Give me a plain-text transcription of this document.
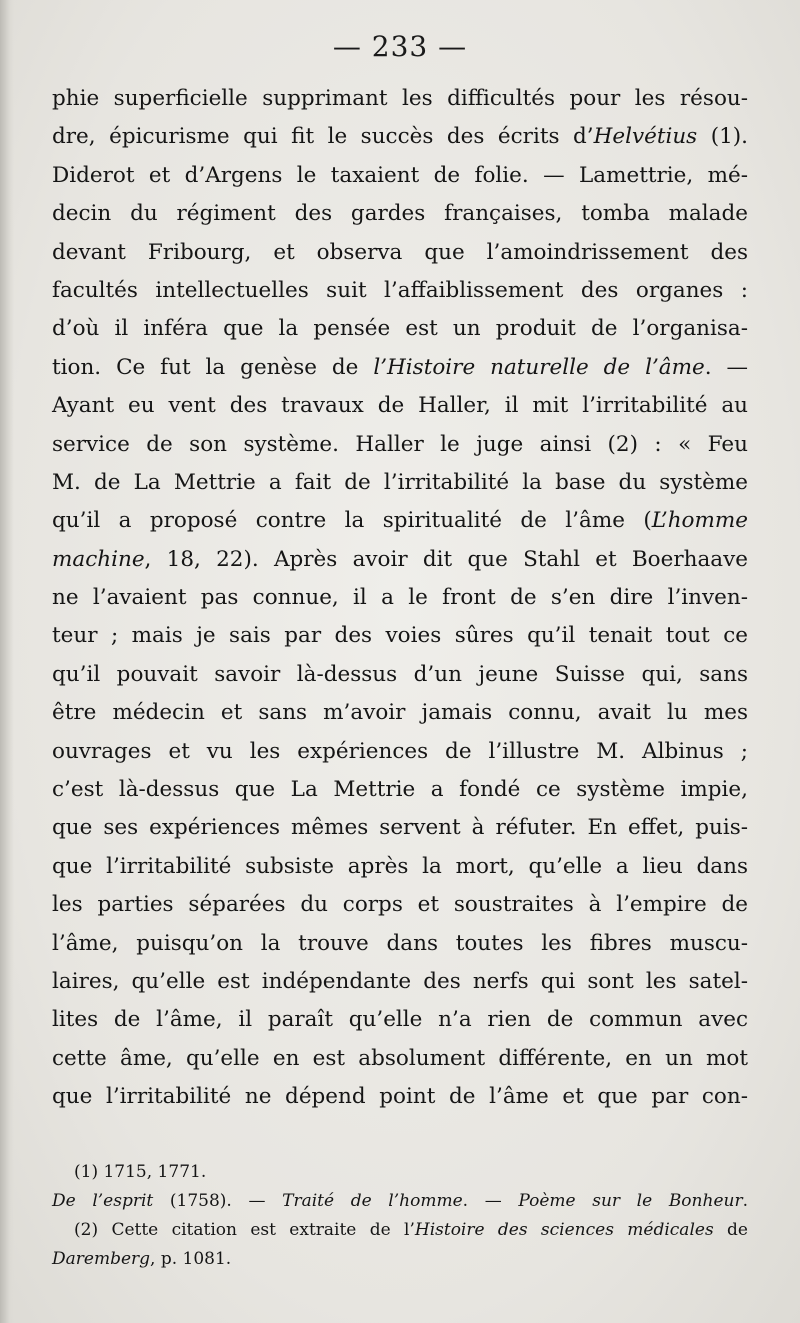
— 233 —
phie superficielle supprimant les difficultés pour les résou-
dre, épicurisme qui fit le succès des écrits d’Helvétius (1).
Diderot et d’Argens le taxaient de folie. — Lamettrie, mé-
decin du régiment des gardes françaises, tomba malade
devant Fribourg, et observa que l’amoindrissement des
facultés intellectuelles suit l’affaiblissement des organes :
d’où il inféra que la pensée est un produit de l’organisa-
tion. Ce fut la genèse de l’Histoire naturelle de l’âme. —
Ayant eu vent des travaux de Haller, il mit l’irritabilité au
service de son système. Haller le juge ainsi (2) : « Feu
M. de La Mettrie a fait de l’irritabilité la base du système
qu’il a proposé contre la spiritualité de l’âme (L’homme
machine, 18, 22). Après avoir dit que Stahl et Boerhaave
ne l’avaient pas connue, il a le front de s’en dire l’inven-
teur ; mais je sais par des voies sûres qu’il tenait tout ce
qu’il pouvait savoir là-dessus d’un jeune Suisse qui, sans
être médecin et sans m’avoir jamais connu, avait lu mes
ouvrages et vu les expériences de l’illustre M. Albinus ;
c’est là-dessus que La Mettrie a fondé ce système impie,
que ses expériences mêmes servent à réfuter. En effet, puis-
que l’irritabilité subsiste après la mort, qu’elle a lieu dans
les parties séparées du corps et soustraites à l’empire de
l’âme, puisqu’on la trouve dans toutes les fibres muscu-
laires, qu’elle est indépendante des nerfs qui sont les satel-
lites de l’âme, il paraît qu’elle n’a rien de commun avec
cette âme, qu’elle en est absolument différente, en un mot
que l’irritabilité ne dépend point de l’âme et que par con-
(1) 1715, 1771.
De l’esprit (1758). — Traité de l’homme. — Poème sur le Bonheur.
(2) Cette citation est extraite de l’Histoire des sciences médicales de
Daremberg, p. 1081.
